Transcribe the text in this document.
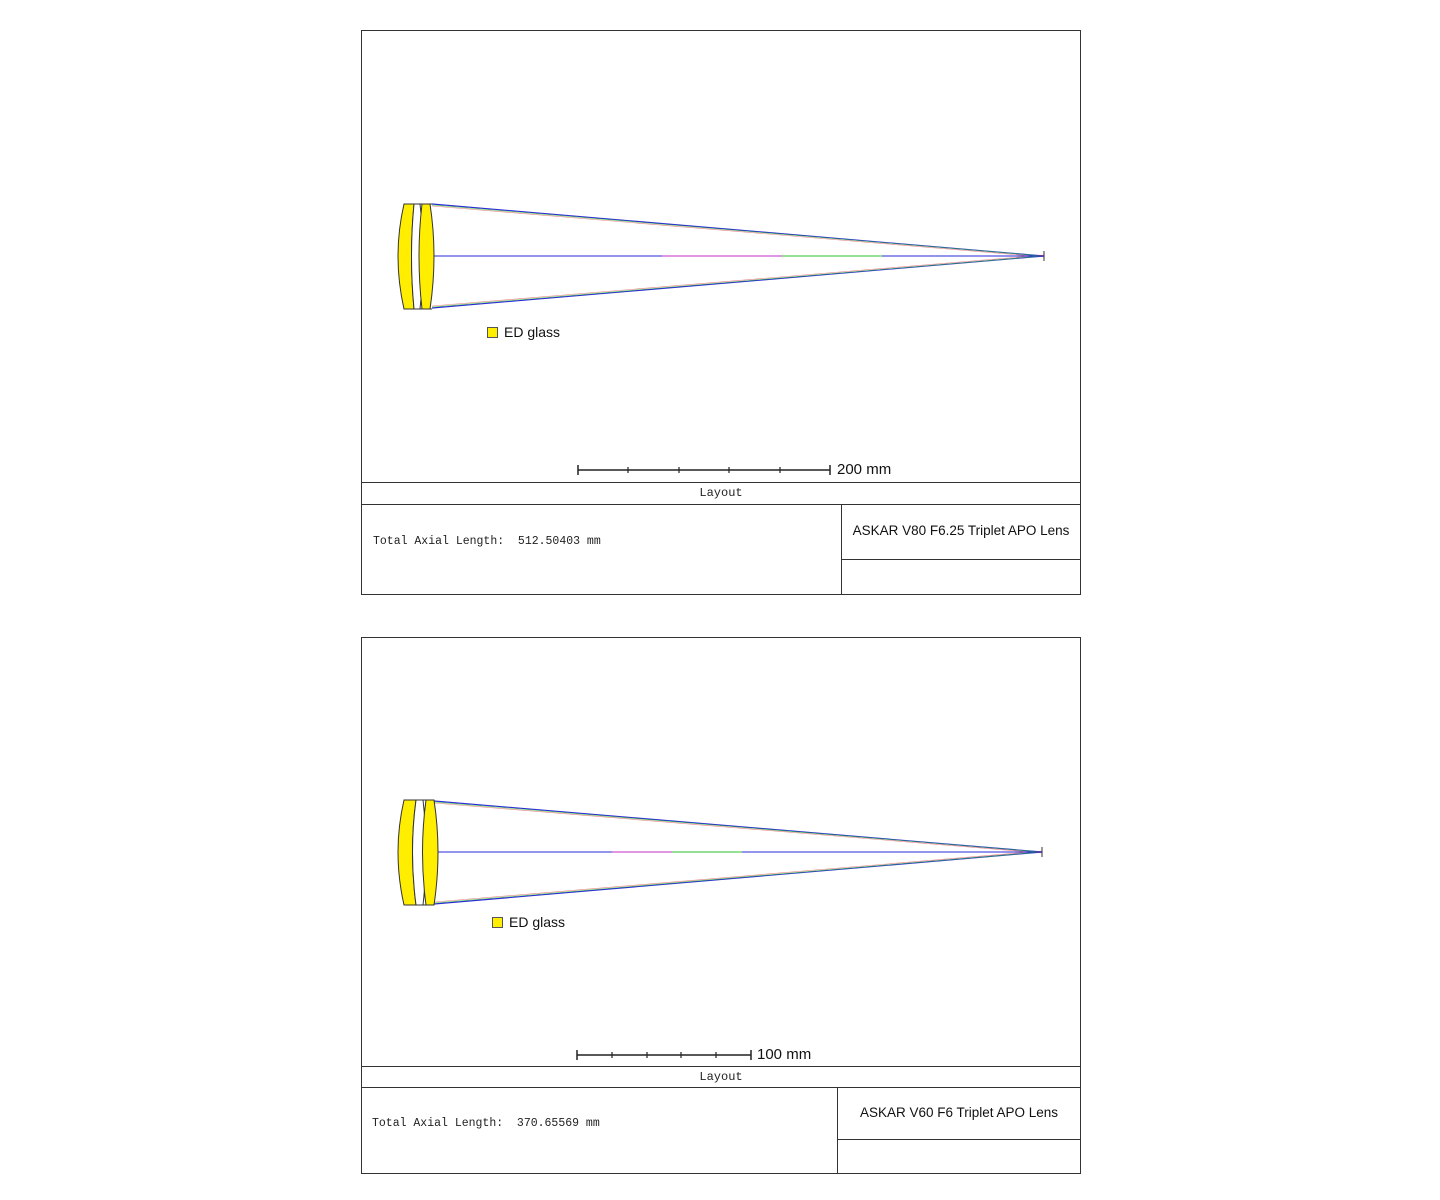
ED glass
200 mm
Layout
Total Axial Length:  512.50403 mm
ASKAR V80 F6.25 Triplet APO Lens
ED glass
100 mm
Layout
Total Axial Length:  370.65569 mm
ASKAR V60 F6 Triplet APO Lens
